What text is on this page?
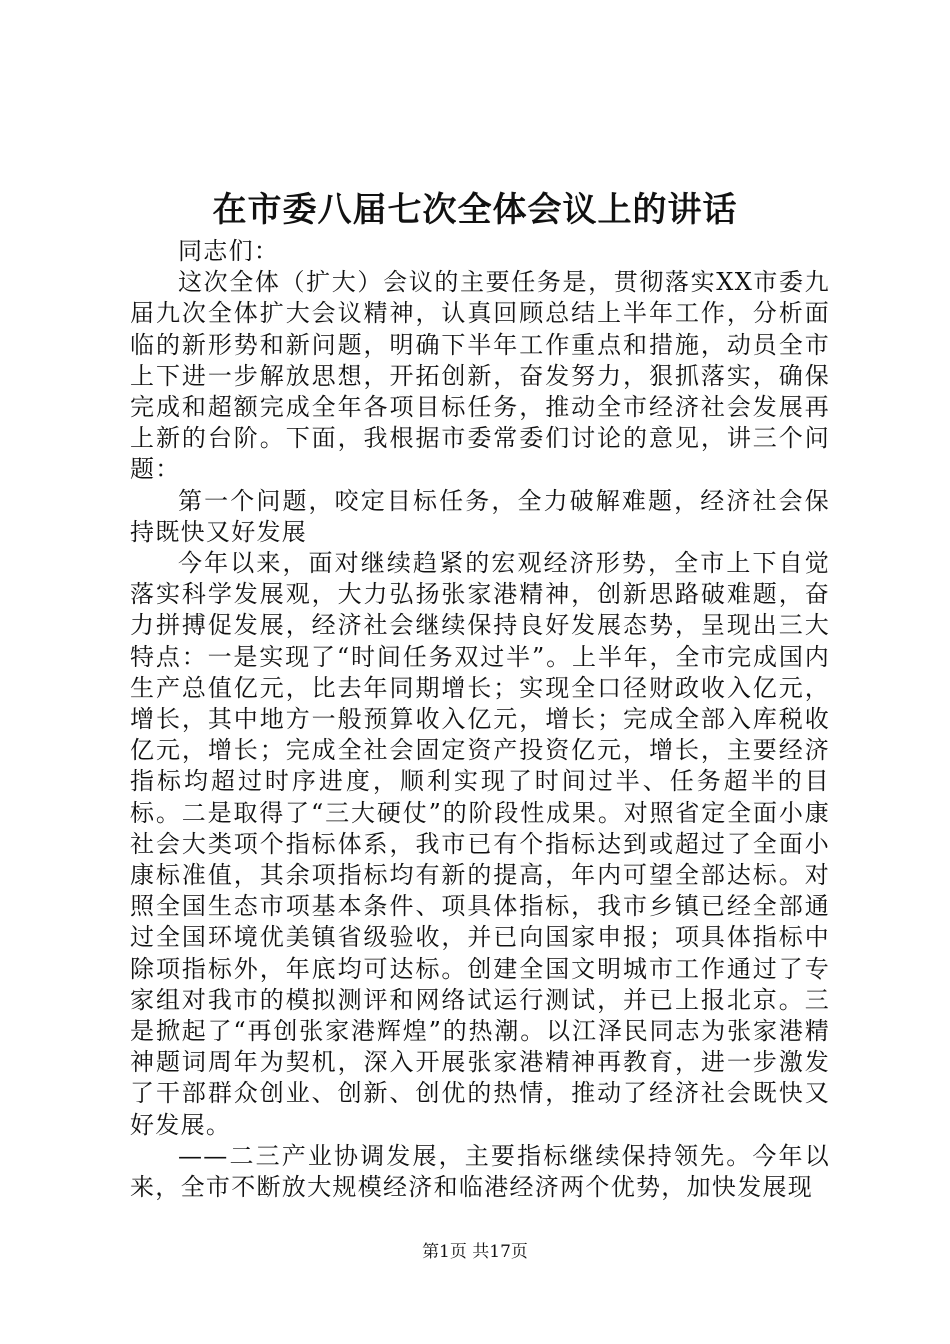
在市委八届七次全体会议上的讲话

同志们：

这次全体（扩大）会议的主要任务是，贯彻落实XX市委九届九次全体扩大会议精神，认真回顾总结上半年工作，分析面临的新形势和新问题，明确下半年工作重点和措施，动员全市上下进一步解放思想，开拓创新，奋发努力，狠抓落实，确保完成和超额完成全年各项目标任务，推动全市经济社会发展再上新的台阶。下面，我根据市委常委们讨论的意见，讲三个问题：

第一个问题，咬定目标任务，全力破解难题，经济社会保持既快又好发展

今年以来，面对继续趋紧的宏观经济形势，全市上下自觉落实科学发展观，大力弘扬张家港精神，创新思路破难题，奋力拼搏促发展，经济社会继续保持良好发展态势，呈现出三大特点：一是实现了“时间任务双过半”。上半年，全市完成国内生产总值亿元，比去年同期增长；实现全口径财政收入亿元，增长，其中地方一般预算收入亿元，增长；完成全部入库税收亿元，增长；完成全社会固定资产投资亿元，增长，主要经济指标均超过时序进度，顺利实现了时间过半、任务超半的目标。二是取得了“三大硬仗”的阶段性成果。对照省定全面小康社会大类项个指标体系，我市已有个指标达到或超过了全面小康标准值，其余项指标均有新的提高，年内可望全部达标。对照全国生态市项基本条件、项具体指标，我市乡镇已经全部通过全国环境优美镇省级验收，并已向国家申报；项具体指标中除项指标外，年底均可达标。创建全国文明城市工作通过了专家组对我市的模拟测评和网络试运行测试，并已上报北京。三是掀起了“再创张家港辉煌”的热潮。以江泽民同志为张家港精神题词周年为契机，深入开展张家港精神再教育，进一步激发了干部群众创业、创新、创优的热情，推动了经济社会既快又好发展。

——二三产业协调发展，主要指标继续保持领先。今年以来，全市不断放大规模经济和临港经济两个优势，加快发展现

第1页 共17页
